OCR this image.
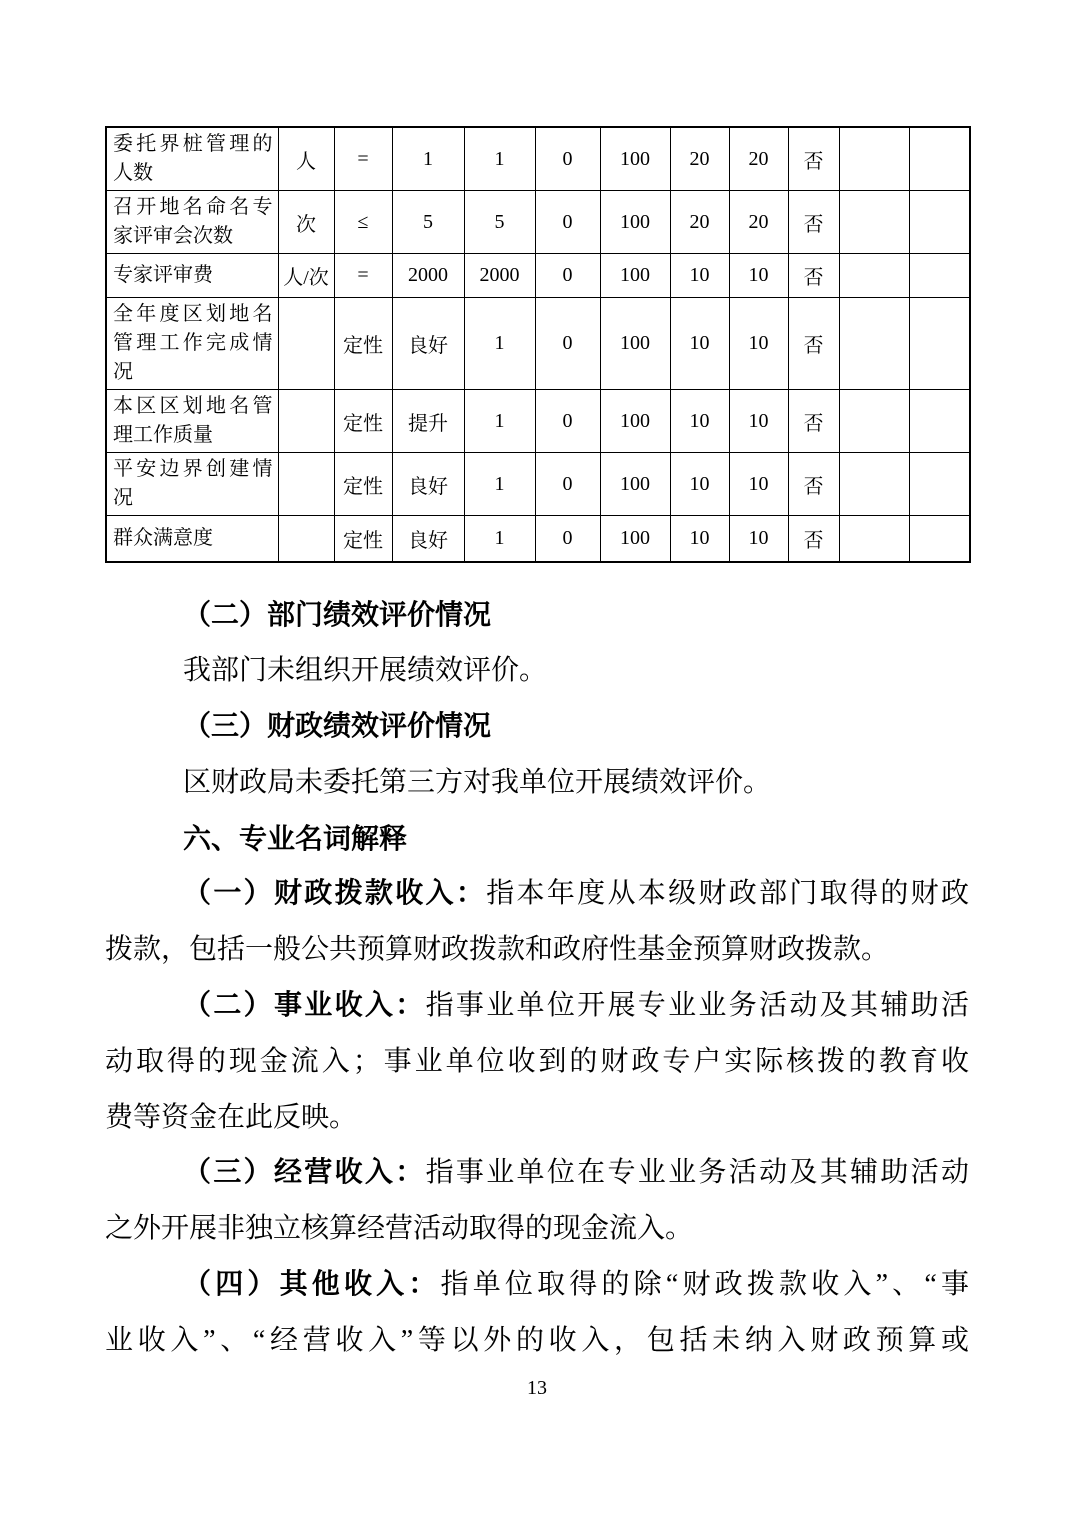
委托界桩管理的人数	人	=	1	1	0	100	20	20	否		
召开地名命名专家评审会次数	次	≤	5	5	0	100	20	20	否		
专家评审费	人/次	=	2000	2000	0	100	10	10	否		
全年度区划地名管理工作完成情况		定性	良好	1	0	100	10	10	否		
本区区划地名管理工作质量		定性	提升	1	0	100	10	10	否		
平安边界创建情况		定性	良好	1	0	100	10	10	否		
群众满意度		定性	良好	1	0	100	10	10	否		
（二）部门绩效评价情况
我部门未组织开展绩效评价。
（三）财政绩效评价情况
区财政局未委托第三方对我单位开展绩效评价。
六、专业名词解释
（一）财政拨款收入：指本年度从本级财政部门取得的财政
拨款，包括一般公共预算财政拨款和政府性基金预算财政拨款。
（二）事业收入：指事业单位开展专业业务活动及其辅助活
动取得的现金流入；事业单位收到的财政专户实际核拨的教育收
费等资金在此反映。
（三）经营收入：指事业单位在专业业务活动及其辅助活动
之外开展非独立核算经营活动取得的现金流入。
（四）其他收入：指单位取得的除“财政拨款收入”、“事
业收入”、“经营收入”等以外的收入，包括未纳入财政预算或
13
